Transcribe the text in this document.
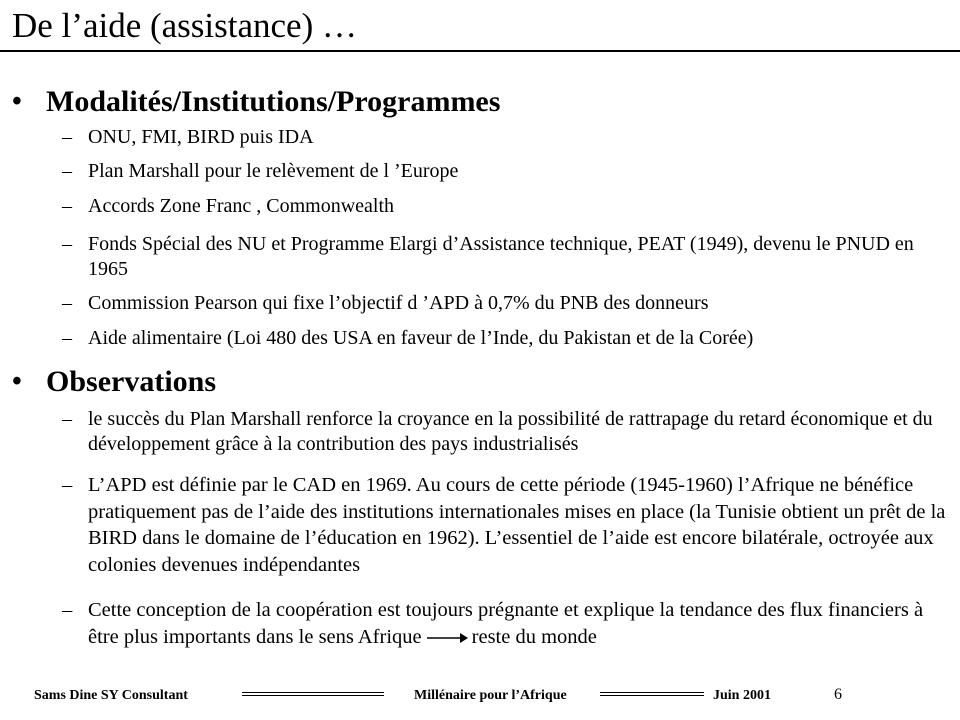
De l’aide (assistance) …
• Modalités/Institutions/Programmes
– ONU, FMI, BIRD puis IDA
– Plan Marshall pour le relèvement de l ’Europe
– Accords Zone Franc , Commonwealth
– Fonds Spécial des NU et Programme Elargi d’Assistance technique, PEAT (1949), devenu le PNUD en 1965
– Commission Pearson qui fixe l’objectif d ’APD à 0,7% du PNB des donneurs
– Aide alimentaire (Loi 480 des USA en faveur de l’Inde, du Pakistan et de la Corée)
• Observations
– le succès du Plan Marshall renforce la croyance en la possibilité de rattrapage du retard économique et du développement grâce à la contribution des pays industrialisés
– L’APD est définie par le CAD en 1969. Au cours de cette période (1945-1960) l’Afrique ne bénéfice pratiquement pas de l’aide des institutions internationales mises en place (la Tunisie obtient un prêt de la BIRD dans le domaine de l’éducation en 1962). L’essentiel de l’aide est encore bilatérale, octroyée aux colonies devenues indépendantes
– Cette conception de la coopération est toujours prégnante et explique la tendance des flux financiers à être plus importants dans le sens Afrique reste du monde
Sams Dine SY Consultant	Millénaire pour l’Afrique	Juin 2001	6
